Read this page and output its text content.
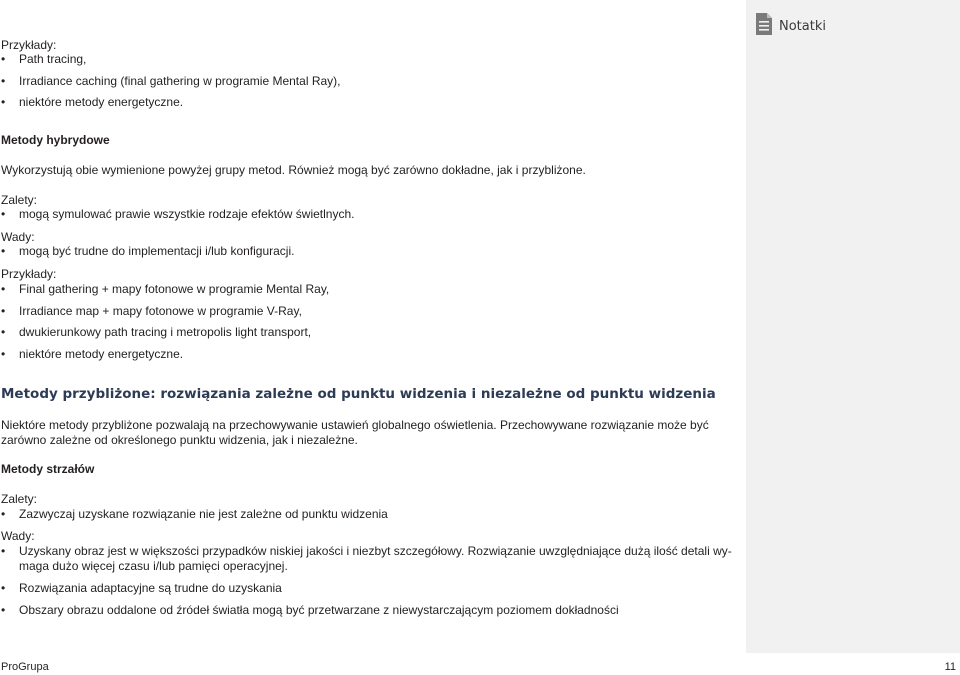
Przykłady:
• Path tracing,
• Irradiance caching (final gathering w programie Mental Ray),
• niektóre metody energetyczne.
Metody hybrydowe
Wykorzystują obie wymienione powyżej grupy metod. Również mogą być zarówno dokładne, jak i przybliżone.
Zalety:
• mogą symulować prawie wszystkie rodzaje efektów świetlnych.
Wady:
• mogą być trudne do implementacji i/lub konfiguracji.
Przykłady:
• Final gathering + mapy fotonowe w programie Mental Ray,
• Irradiance map + mapy fotonowe w programie V-Ray,
• dwukierunkowy path tracing i metropolis light transport,
• niektóre metody energetyczne.
Metody przybliżone: rozwiązania zależne od punktu widzenia i niezależne od punktu widzenia
Niektóre metody przybliżone pozwalają na przechowywanie ustawień globalnego oświetlenia. Przechowywane rozwiązanie może być
zarówno zależne od określonego punktu widzenia, jak i niezależne.
Metody strzałów
Zalety:
• Zazwyczaj uzyskane rozwiązanie nie jest zależne od punktu widzenia
Wady:
• Uzyskany obraz jest w większości przypadków niskiej jakości i niezbyt szczegółowy. Rozwiązanie uwzględniające dużą ilość detali wy-
maga dużo więcej czasu i/lub pamięci operacyjnej.
• Rozwiązania adaptacyjne są trudne do uzyskania
• Obszary obrazu oddalone od źródeł światła mogą być przetwarzane z niewystarczającym poziomem dokładności
Notatki
ProGrupa	11
